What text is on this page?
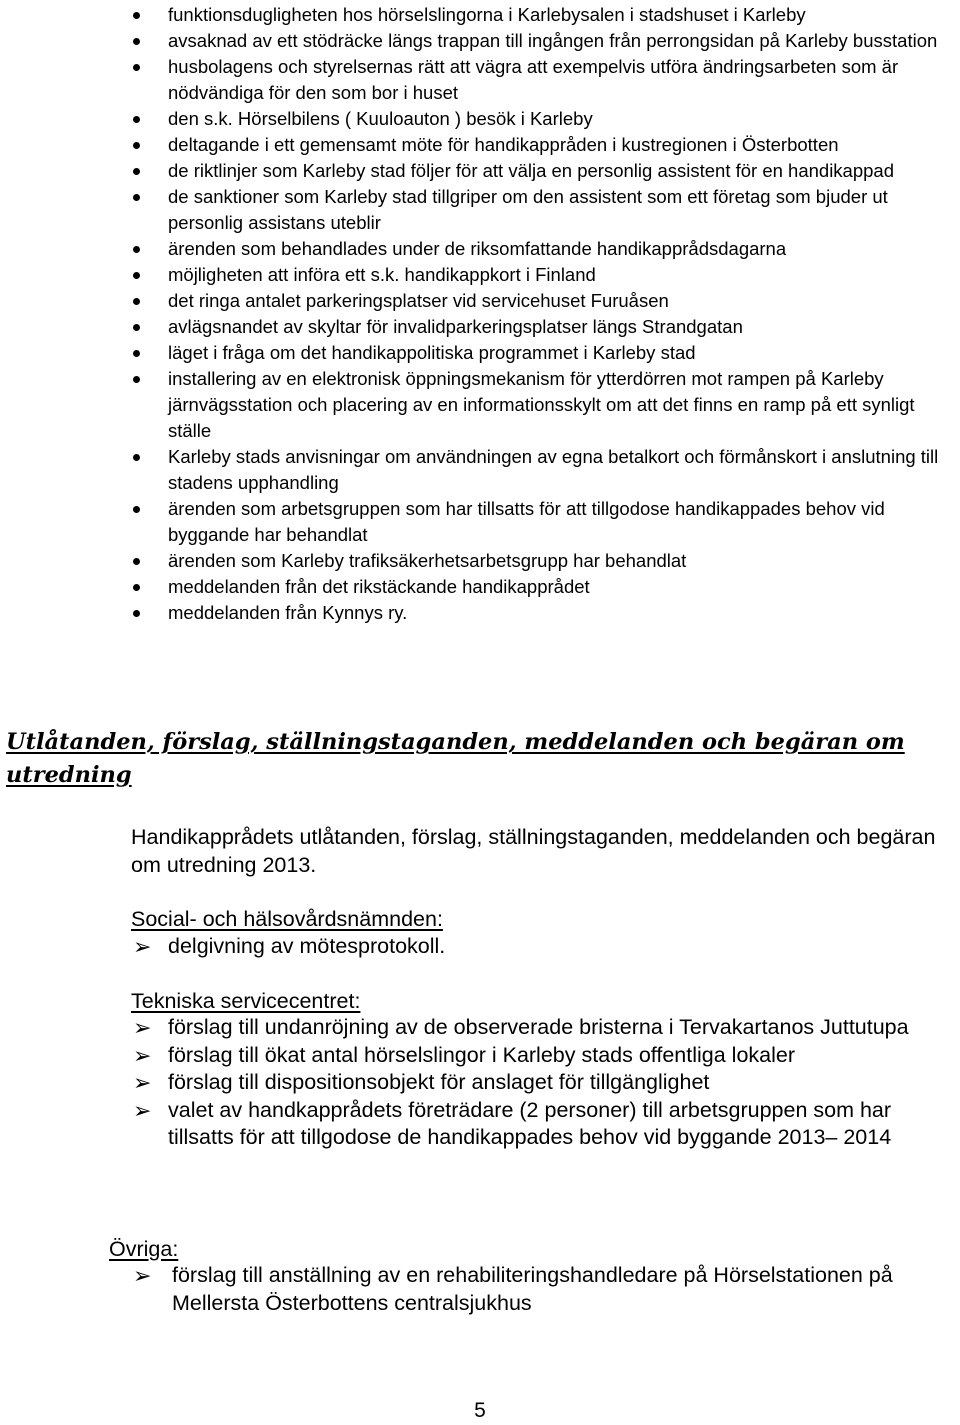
funktionsdugligheten hos hörselslingorna i Karlebysalen i stadshuset i Karleby
avsaknad av ett stödräcke längs trappan till ingången från perrongsidan på Karleby busstation
husbolagens och styrelsernas rätt att vägra att exempelvis utföra ändringsarbeten som är nödvändiga för den som bor i huset
den s.k. Hörselbilens ( Kuuloauton ) besök i Karleby
deltagande i ett gemensamt möte för handikappråden i kustregionen i Österbotten
de riktlinjer som Karleby stad följer för att välja en personlig assistent för en handikappad
de sanktioner som Karleby stad tillgriper om den assistent som ett företag som bjuder ut personlig assistans uteblir
ärenden som behandlades under de riksomfattande handikapprådsdagarna
möjligheten att införa ett s.k. handikappkort i Finland
det ringa antalet parkeringsplatser vid servicehuset Furuåsen
avlägsnandet av skyltar för invalidparkeringsplatser längs Strandgatan
läget i fråga om det handikappolitiska programmet i Karleby stad
installering av en elektronisk öppningsmekanism för ytterdörren mot rampen på Karleby järnvägsstation och placering av en informationsskylt om att det finns en ramp på ett synligt ställe
Karleby stads anvisningar om användningen av egna betalkort och förmånskort i anslutning till stadens upphandling
ärenden som arbetsgruppen som har tillsatts för att tillgodose handikappades behov vid byggande har behandlat
ärenden som Karleby trafiksäkerhetsarbetsgrupp har behandlat
meddelanden från det rikstäckande handikapprådet
meddelanden från Kynnys ry.
Utlåtanden, förslag, ställningstaganden, meddelanden och begäran om utredning
Handikapprådets utlåtanden, förslag, ställningstaganden, meddelanden och begäran om utredning 2013.
Social- och hälsovårdsnämnden:
➢ delgivning av mötesprotokoll.
Tekniska servicecentret:
➢ förslag till undanröjning av de observerade bristerna i Tervakartanos Juttutupa
➢ förslag till ökat antal hörselslingor i Karleby stads offentliga lokaler
➢ förslag till dispositionsobjekt för anslaget för tillgänglighet
➢ valet av handkapprådets företrädare (2 personer) till arbetsgruppen som har tillsatts för att tillgodose de handikappades behov vid byggande 2013– 2014
Övriga:
➢ förslag till anställning av en rehabiliteringshandledare på Hörselstationen på Mellersta Österbottens centralsjukhus
5
